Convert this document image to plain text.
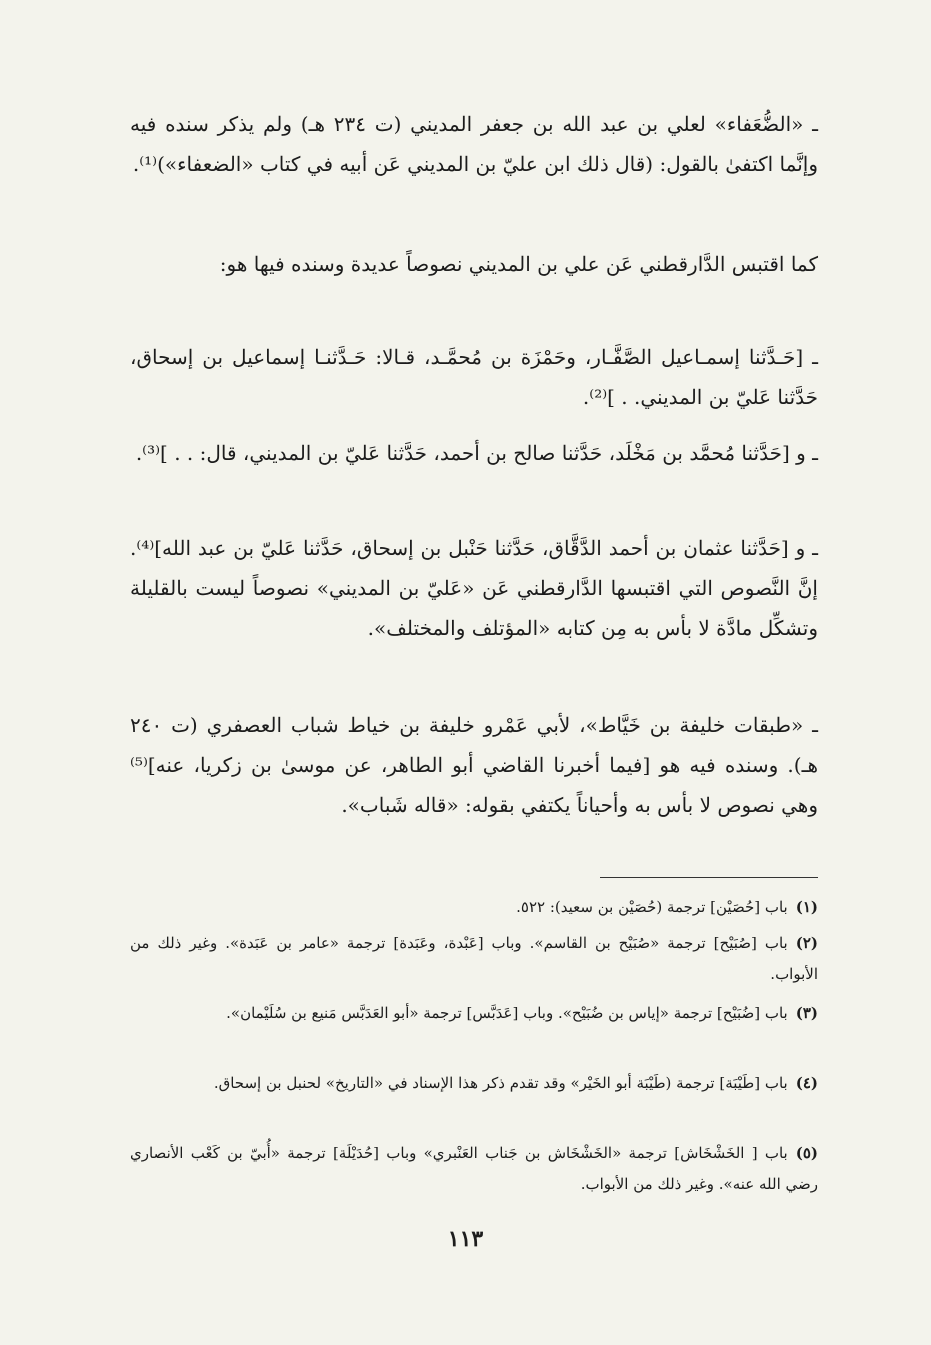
ـ «الضُّعَفاء» لعلي بن عبد الله بن جعفر المديني (ت ٢٣٤ هـ) ولم يذكر سنده فيه وإنَّما اكتفىٰ بالقول: (قال ذلك ابن عليّ بن المديني عَن أبيه في كتاب «الضعفاء»)⁽¹⁾.

كما اقتبس الدَّارقطني عَن علي بن المديني نصوصاً عديدة وسنده فيها هو:

ـ [حَـدَّثنا إسمـاعيل الصَّفَّـار، وحَمْزَة بن مُحمَّـد، قـالا: حَـدَّثنـا إسماعيل بن إسحاق، حَدَّثنا عَليّ بن المديني. . ]⁽²⁾.

ـ و [حَدَّثنا مُحمَّد بن مَخْلَد، حَدَّثنا صالح بن أحمد، حَدَّثنا عَليّ بن المديني، قال: . . ]⁽³⁾.

ـ و [حَدَّثنا عثمان بن أحمد الدَّقَّاق، حَدَّثنا حَنْبل بن إسحاق، حَدَّثنا عَليّ بن عبد الله]⁽⁴⁾. إنَّ النَّصوص التي اقتبسها الدَّارقطني عَن «عَليّ بن المديني» نصوصاً ليست بالقليلة وتشكِّل مادَّة لا بأس به مِن كتابه «المؤتلف والمختلف».

ـ «طبقات خليفة بن خَيَّاط»، لأبي عَمْرو خليفة بن خياط شباب العصفري (ت ٢٤٠ هـ). وسنده فيه هو [فيما أخبرنا القاضي أبو الطاهر، عن موسىٰ بن زكريا، عنه]⁽⁵⁾ وهي نصوص لا بأس به وأحياناً يكتفي بقوله: «قاله شَباب».

(١)باب [حُصَيْن] ترجمة (حُصَيْن بن سعيد): ٥٢٢.

(٢)باب [صُبَيْح] ترجمة «صُبَيْح بن القاسم». وباب [عَبْدة، وعَبَدة] ترجمة «عامر بن عَبَدة». وغير ذلك من الأبواب.

(٣)باب [ضُبَيْح] ترجمة «إياس بن ضُبَيْح». وباب [عَدَبَّس] ترجمة «أبو العَدَبَّس مَنيع بن سُلَيْمان».

(٤)باب [طَيْبَة] ترجمة (طَيْبَة أبو الخَيْر» وقد تقدم ذكر هذا الإسناد في «التاريخ» لحنبل بن إسحاق.

(٥)باب [ الخَشْخَاش] ترجمة «الخَشْخَاش بن جَناب العَنْبري» وباب [حُدَيْلَة] ترجمة «أُبيّ بن كَعْب الأنصاري رضي الله عنه». وغير ذلك من الأبواب.

١١٣
